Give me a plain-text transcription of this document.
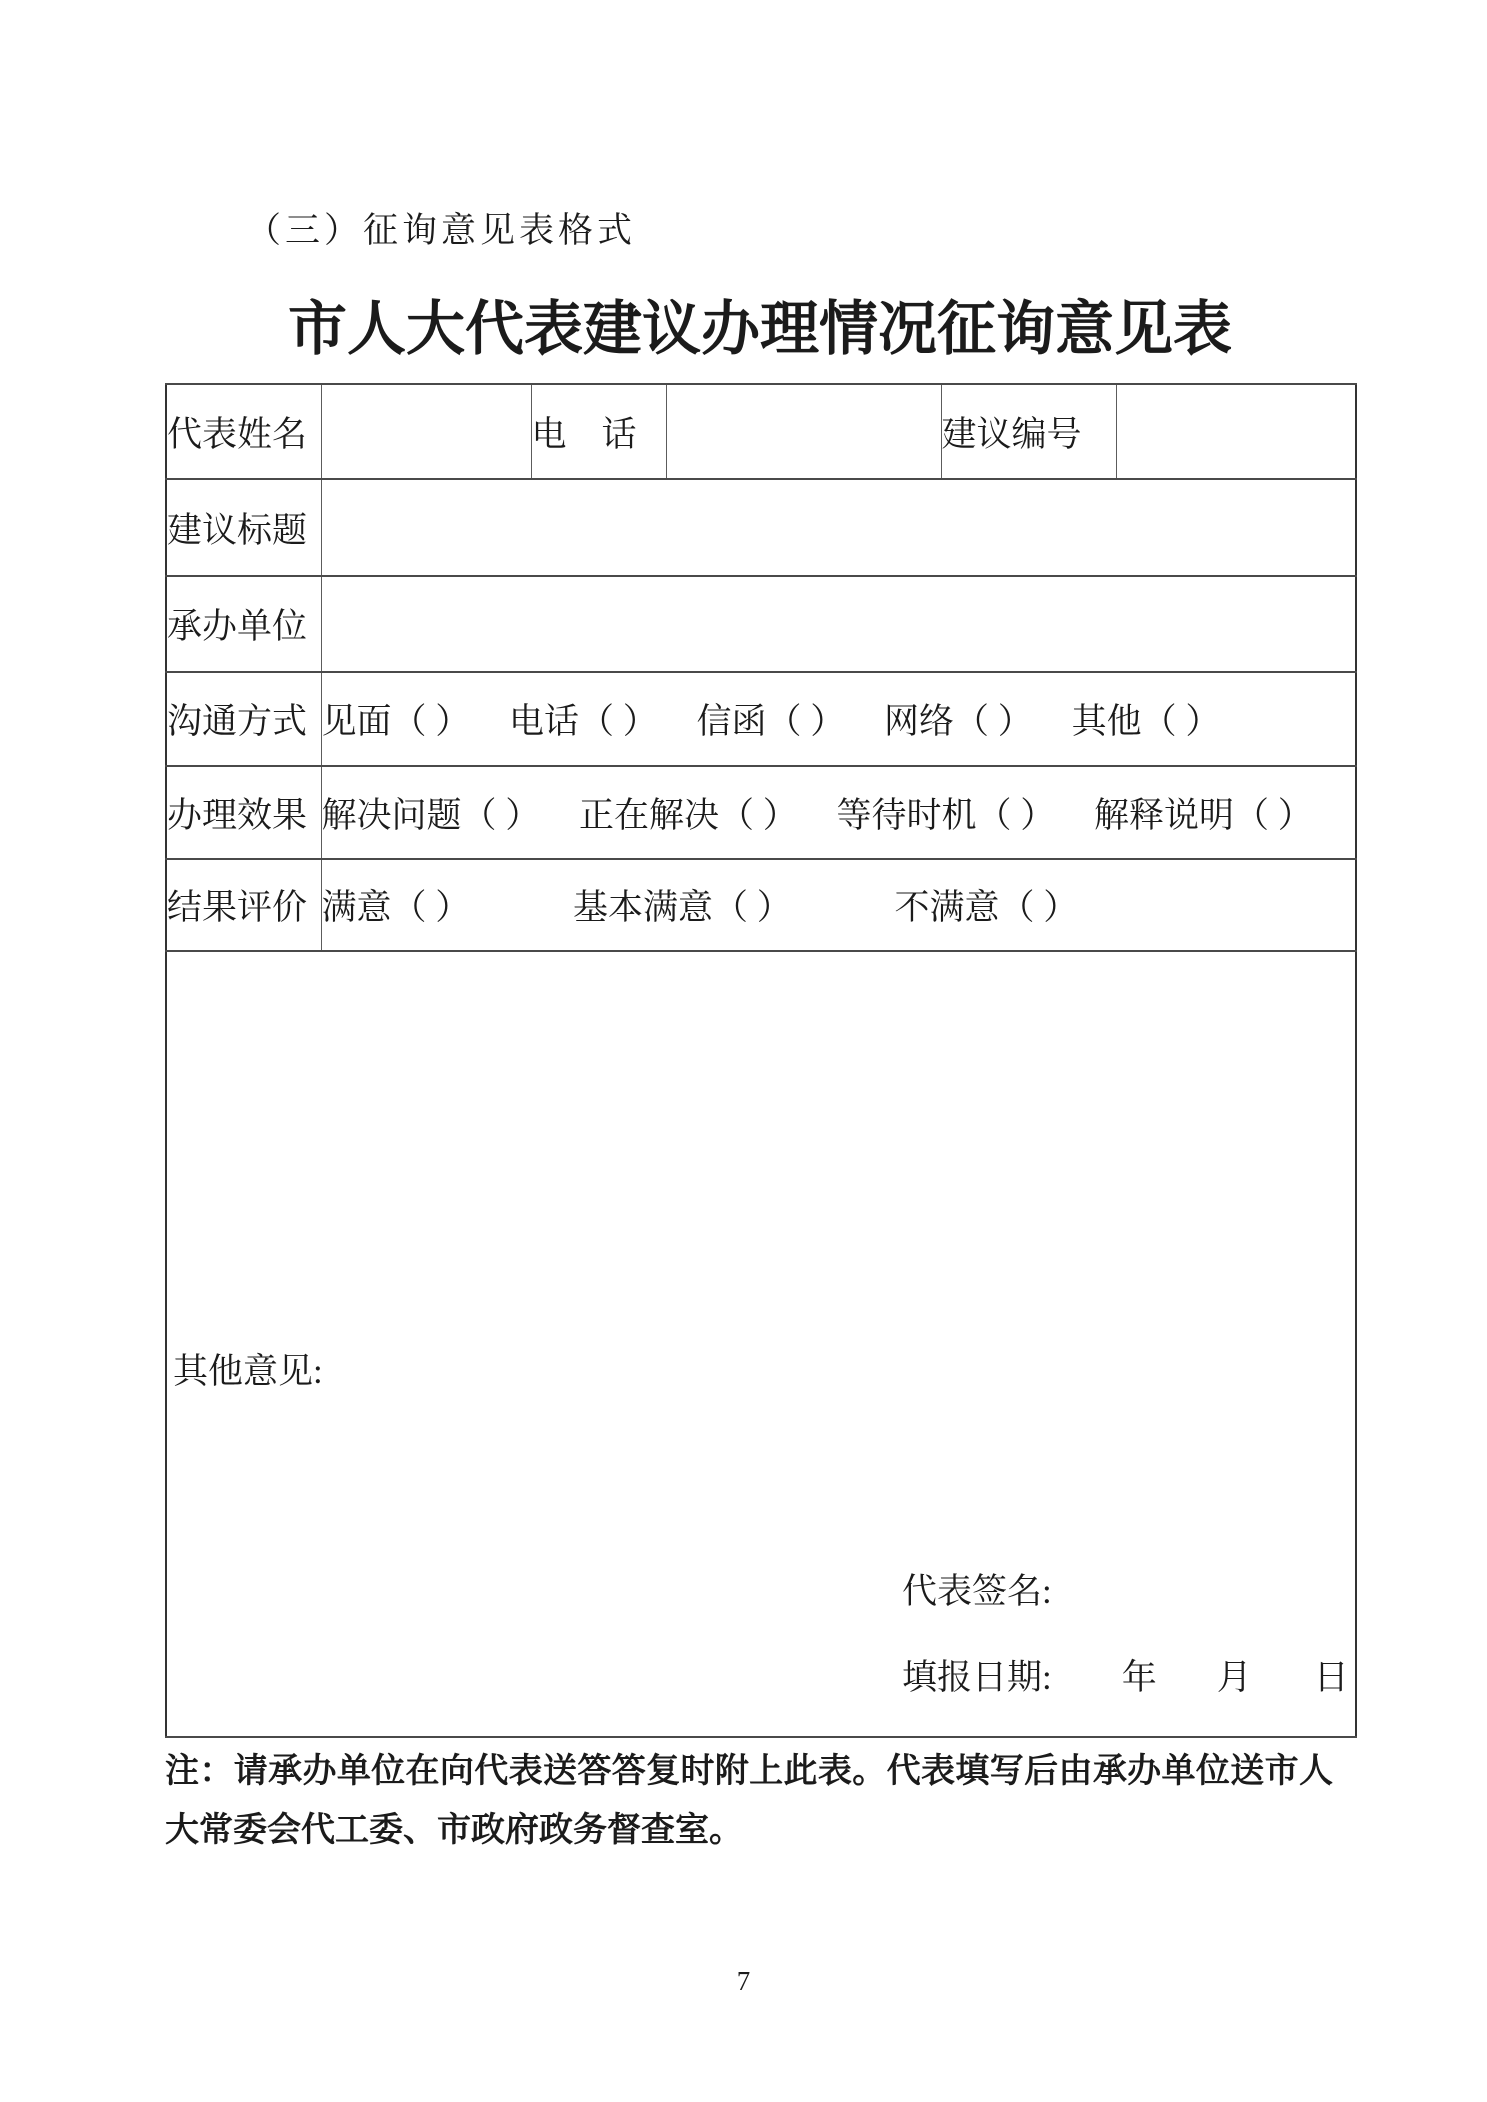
（三）征询意见表格式
市人大代表建议办理情况征询意见表
代表姓名		电　话		建议编号	
建议标题					
承办单位					
沟通方式	见面（ ） 电话（ ） 信函（ ） 网络（ ） 其他（ ）				
办理效果	解决问题（ ） 正在解决（ ） 等待时机（ ） 解释说明（ ）				
结果评价	满意（ ） 基本满意（ ） 不满意（ ）				
其他意见:
代表签名:
填报日期: 年 月 日					
注：请承办单位在向代表送答答复时附上此表。代表填写后由承办单位送市人大常委会代工委、市政府政务督查室。
7
